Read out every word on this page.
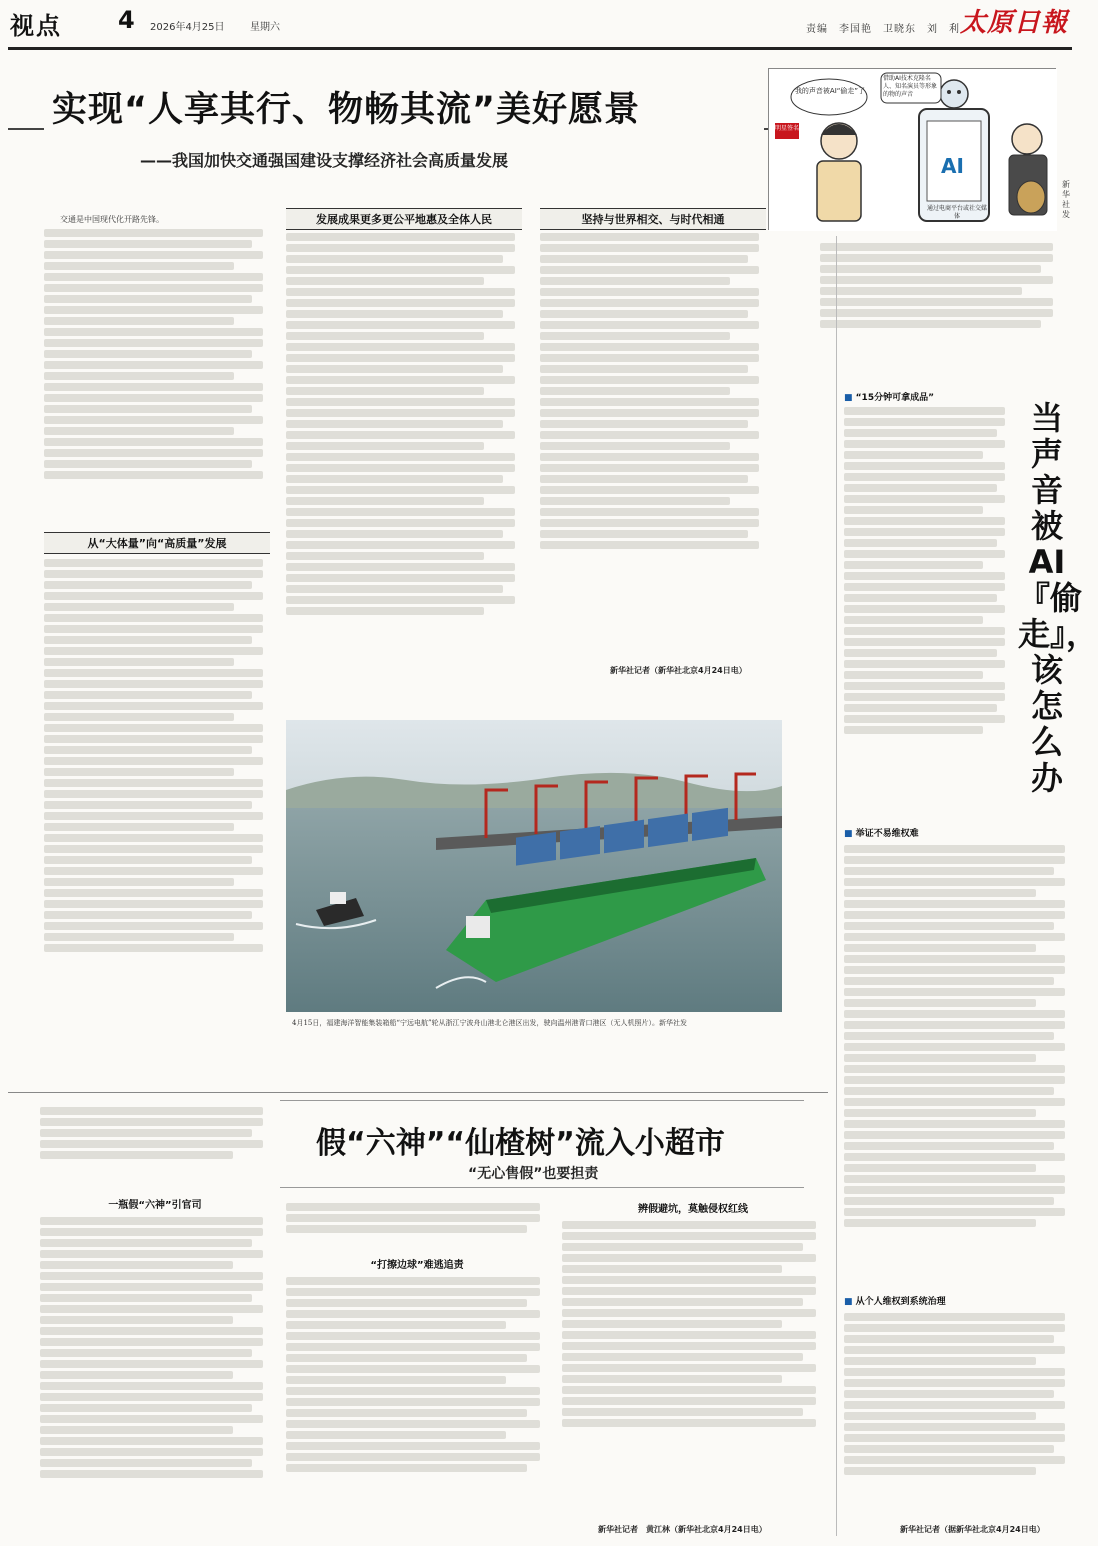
视点 4 2026年4月25日	星期六	责编　李国艳　卫晓东　刘　利 太原日報
实现“人享其行、物畅其流”美好愿景
——我国加快交通强国建设支撑经济社会高质量发展	AI
我的声音被AI“偷走”了
借助AI技术克隆名人、知名演员等形象的物的声音
明星签名
通过电商平台或社交媒体
新华社发

交通是中国现代化开路先锋。

从“大体量”向“高质量”发展
发展成果更多更公平地惠及全体人民	坚持与世界相交、与时代相通
新华社记者（新华社北京4月24日电）
4月15日，福建海洋智能集装箱船“宁远电航”轮从浙江宁波舟山港北仑港区出发，驶向温州港青口港区（无人机照片）。新华社发
■ “15分钟可拿成品”
当声音被AI『偷走』，该怎么办
■ 举证不易维权难
■ 从个人维权到系统治理
新华社记者（据新华社北京4月24日电）
假“六神”“仙楂树”流入小超市
“无心售假”也要担责
一瓶假“六神”引官司
“打擦边球”难逃追责
辨假避坑，莫触侵权红线
新华社记者　黄江林（新华社北京4月24日电）
